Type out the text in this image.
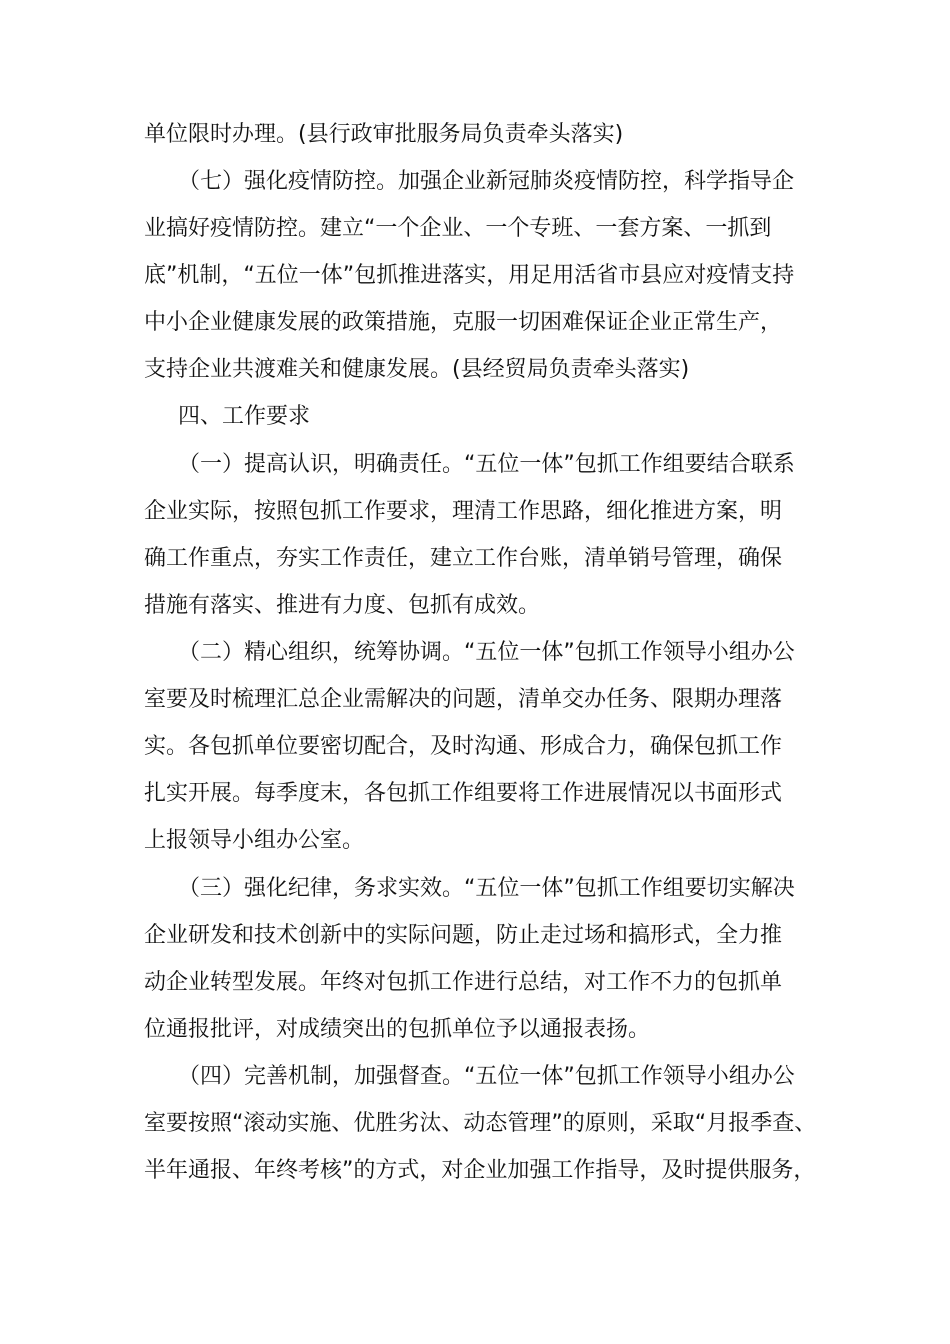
单位限时办理。(县行政审批服务局负责牵头落实)
（七）强化疫情防控。加强企业新冠肺炎疫情防控，科学指导企
业搞好疫情防控。建立“一个企业、一个专班、一套方案、一抓到
底”机制，“五位一体”包抓推进落实，用足用活省市县应对疫情支持
中小企业健康发展的政策措施，克服一切困难保证企业正常生产，
支持企业共渡难关和健康发展。(县经贸局负责牵头落实)
四、工作要求
（一）提高认识，明确责任。“五位一体”包抓工作组要结合联系
企业实际，按照包抓工作要求，理清工作思路，细化推进方案，明
确工作重点，夯实工作责任，建立工作台账，清单销号管理，确保
措施有落实、推进有力度、包抓有成效。
（二）精心组织，统筹协调。“五位一体”包抓工作领导小组办公
室要及时梳理汇总企业需解决的问题，清单交办任务、限期办理落
实。各包抓单位要密切配合，及时沟通、形成合力，确保包抓工作
扎实开展。每季度末，各包抓工作组要将工作进展情况以书面形式
上报领导小组办公室。
（三）强化纪律，务求实效。“五位一体”包抓工作组要切实解决
企业研发和技术创新中的实际问题，防止走过场和搞形式，全力推
动企业转型发展。年终对包抓工作进行总结，对工作不力的包抓单
位通报批评，对成绩突出的包抓单位予以通报表扬。
（四）完善机制，加强督查。“五位一体”包抓工作领导小组办公
室要按照“滚动实施、优胜劣汰、动态管理”的原则，采取“月报季查、
半年通报、年终考核”的方式，对企业加强工作指导，及时提供服务，
